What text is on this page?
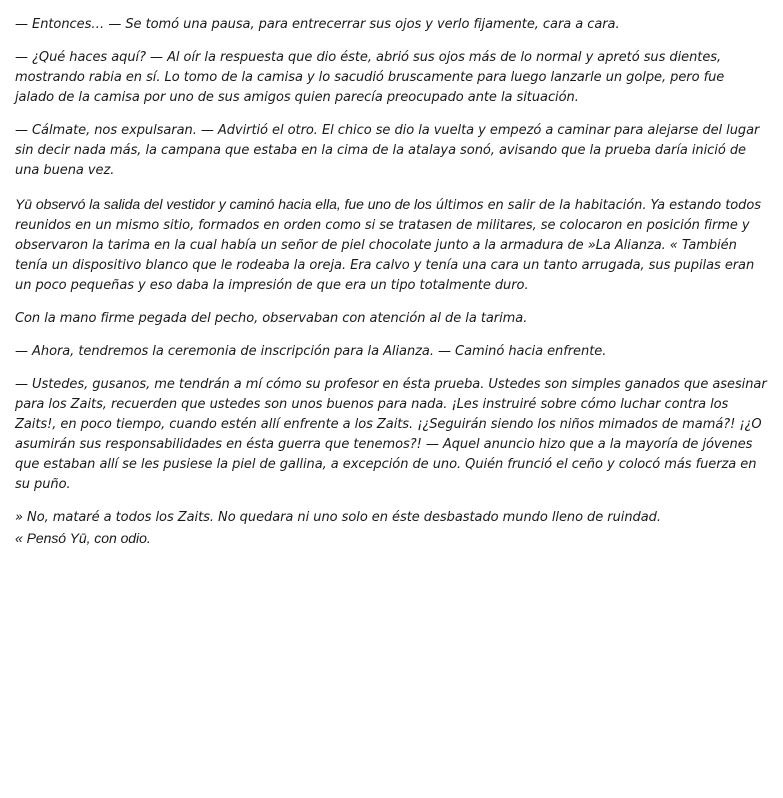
— Entonces… — Se tomó una pausa, para entrecerrar sus ojos y verlo fijamente, cara a cara.

— ¿Qué haces aquí? — Al oír la respuesta que dio éste, abrió sus ojos más de lo normal y apretó sus dientes, mostrando rabia en sí. Lo tomo de la camisa y lo sacudió bruscamente para luego lanzarle un golpe, pero fue jalado de la camisa por uno de sus amigos quien parecía preocupado ante la situación.

— Cálmate, nos expulsaran. — Advirtió el otro. El chico se dio la vuelta y empezó a caminar para alejarse del lugar sin decir nada más, la campana que estaba en la cima de la atalaya sonó, avisando que la prueba daría inició de una buena vez.

Yū observó la salida del vestidor y caminó hacia ella, fue uno de los últimos en salir de la habitación. Ya estando todos reunidos en un mismo sitio, formados en orden como si se tratasen de militares, se colocaron en posición firme y observaron la tarima en la cual había un señor de piel chocolate junto a la armadura de »La Alianza. « También tenía un dispositivo blanco que le rodeaba la oreja. Era calvo y tenía una cara un tanto arrugada, sus pupilas eran un poco pequeñas y eso daba la impresión de que era un tipo totalmente duro.

Con la mano firme pegada del pecho, observaban con atención al de la tarima.

— Ahora, tendremos la ceremonia de inscripción para la Alianza. — Caminó hacia enfrente.

— Ustedes, gusanos, me tendrán a mí cómo su profesor en ésta prueba. Ustedes son simples ganados que asesinar para los Zaits, recuerden que ustedes son unos buenos para nada. ¡Les instruiré sobre cómo luchar contra los Zaits!, en poco tiempo, cuando estén allí enfrente a los Zaits. ¡¿Seguirán siendo los niños mimados de mamá?! ¡¿O asumirán sus responsabilidades en ésta guerra que tenemos?! — Aquel anuncio hizo que a la mayoría de jóvenes que estaban allí se les pusiese la piel de gallina, a excepción de uno. Quién frunció el ceño y colocó más fuerza en su puño.

» No, mataré a todos los Zaits. No quedara ni uno solo en éste desbastado mundo lleno de ruindad.
« Pensó Yū, con odio.
